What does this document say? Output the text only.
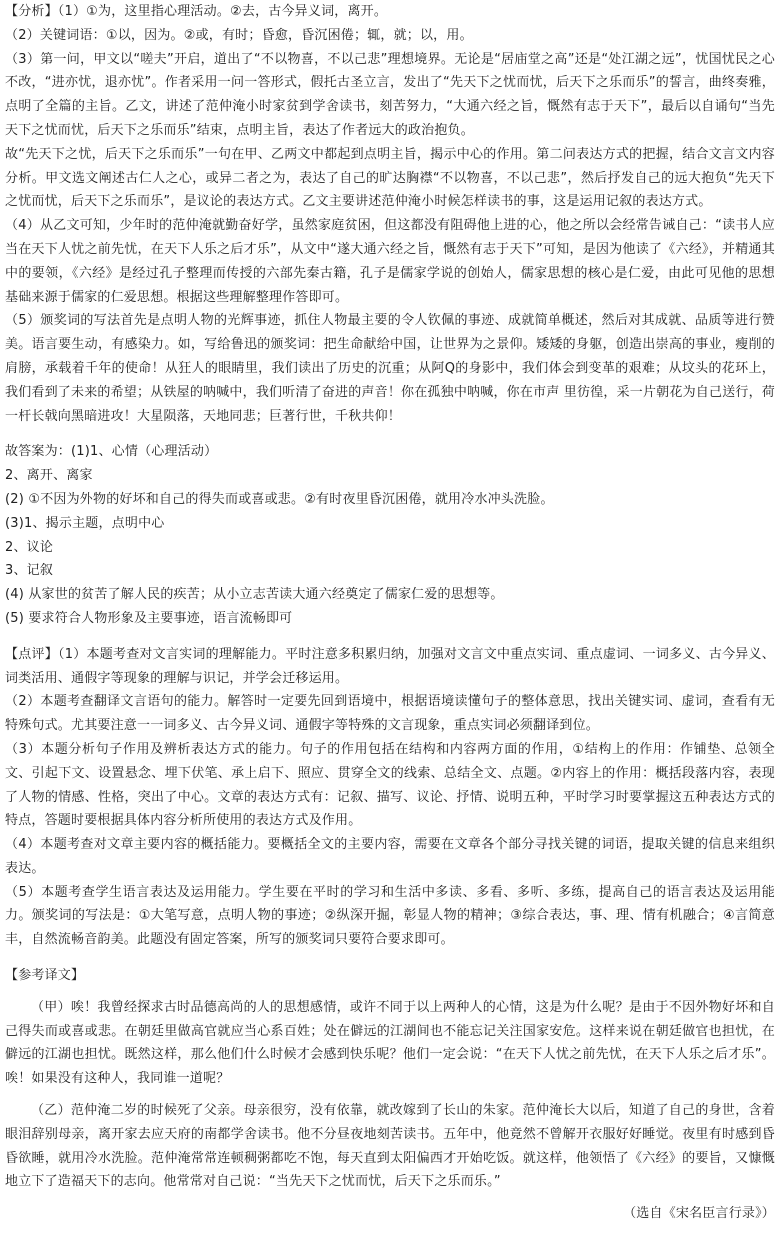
【分析】（1）①为，这里指心理活动。②去，古今异义词，离开。

（2）关键词语：①以，因为。②或，有时；昏愈，昏沉困倦；辄，就；以，用。

（3）第一问，甲文以“嗟夫”开启，道出了“不以物喜，不以己悲”理想境界。无论是“居庙堂之高”还是“处江湖之远”，忧国忧民之心不改，“进亦忧，退亦忧”。作者采用一问一答形式，假托古圣立言，发出了“先天下之忧而忧，后天下之乐而乐”的誓言，曲终奏雅，点明了全篇的主旨。乙文，讲述了范仲淹小时家贫到学舍读书，刻苦努力，“大通六经之旨，慨然有志于天下”，最后以自诵句“当先天下之忧而忧，后天下之乐而乐”结束，点明主旨，表达了作者远大的政治抱负。

故“先天下之忧，后天下之乐而乐”一句在甲、乙两文中都起到点明主旨，揭示中心的作用。第二问表达方式的把握，结合文言文内容分析。甲文选文阐述古仁人之心，或异二者之为，表达了自己的旷达胸襟“不以物喜，不以己悲”，然后抒发自己的远大抱负“先天下之忧而忧，后天下之乐而乐”，是议论的表达方式。乙文主要讲述范仲淹小时候怎样读书的事，这是运用记叙的表达方式。

（4）从乙文可知，少年时的范仲淹就勤奋好学，虽然家庭贫困，但这都没有阻碍他上进的心，他之所以会经常告诫自己：“读书人应当在天下人忧之前先忧，在天下人乐之后才乐”，从文中“遂大通六经之旨，慨然有志于天下”可知，是因为他读了《六经》，并精通其中的要领，《六经》是经过孔子整理而传授的六部先秦古籍，孔子是儒家学说的创始人，儒家思想的核心是仁爱，由此可见他的思想基础来源于儒家的仁爱思想。根据这些理解整理作答即可。

（5）颁奖词的写法首先是点明人物的光辉事迹，抓住人物最主要的令人钦佩的事迹、成就简单概述，然后对其成就、品质等进行赞美。语言要生动，有感染力。如，写给鲁迅的颁奖词：把生命献给中国，让世界为之景仰。矮矮的身躯，创造出崇高的事业，瘦削的肩膀，承载着千年的使命！从狂人的眼睛里，我们读出了历史的沉重；从阿Q的身影中，我们体会到变革的艰难；从坟头的花环上，我们看到了未来的希望；从铁屋的呐喊中，我们听清了奋进的声音！你在孤独中呐喊，你在市声 里彷徨，采一片朝花为自己送行，荷一杆长戟向黑暗进攻！大星陨落，天地同悲；巨著行世，千秋共仰！

故答案为：(1)1、心情（心理活动）

2、离开、离家

(2) ①不因为外物的好坏和自己的得失而或喜或悲。②有时夜里昏沉困倦，就用冷水冲头洗脸。

(3)1、揭示主题，点明中心

2、议论

3、记叙

(4) 从家世的贫苦了解人民的疾苦；从小立志苦读大通六经奠定了儒家仁爱的思想等。

(5) 要求符合人物形象及主要事迹，语言流畅即可

【点评】（1）本题考查对文言实词的理解能力。平时注意多积累归纳，加强对文言文中重点实词、重点虚词、一词多义、古今异义、词类活用、通假字等现象的理解与识记，并学会迁移运用。

（2）本题考查翻译文言语句的能力。解答时一定要先回到语境中，根据语境读懂句子的整体意思，找出关键实词、虚词，查看有无特殊句式。尤其要注意一一词多义、古今异义词、通假字等特殊的文言现象，重点实词必须翻译到位。

（3）本题分析句子作用及辨析表达方式的能力。句子的作用包括在结构和内容两方面的作用，①结构上的作用：作铺垫、总领全文、引起下文、设置悬念、埋下伏笔、承上启下、照应、贯穿全文的线索、总结全文、点题。②内容上的作用：概括段落内容，表现了人物的情感、性格，突出了中心。文章的表达方式有：记叙、描写、议论、抒情、说明五种，平时学习时要掌握这五种表达方式的特点，答题时要根据具体内容分析所使用的表达方式及作用。

（4）本题考查对文章主要内容的概括能力。要概括全文的主要内容，需要在文章各个部分寻找关键的词语，提取关键的信息来组织表达。

（5）本题考查学生语言表达及运用能力。学生要在平时的学习和生活中多读、多看、多听、多练，提高自己的语言表达及运用能力。颁奖词的写法是：①大笔写意，点明人物的事迹；②纵深开掘，彰显人物的精神；③综合表达，事、理、情有机融合；④言简意丰，自然流畅音韵美。此题没有固定答案，所写的颁奖词只要符合要求即可。

【参考译文】

（甲）唉！我曾经探求古时品德高尚的人的思想感情，或许不同于以上两种人的心情，这是为什么呢？是由于不因外物好坏和自己得失而或喜或悲。在朝廷里做高官就应当心系百姓；处在僻远的江湖间也不能忘记关注国家安危。这样来说在朝廷做官也担忧，在僻远的江湖也担忧。既然这样，那么他们什么时候才会感到快乐呢？他们一定会说：“在天下人忧之前先忧，在天下人乐之后才乐”。唉！如果没有这种人，我同谁一道呢？

（乙）范仲淹二岁的时候死了父亲。母亲很穷，没有依靠，就改嫁到了长山的朱家。范仲淹长大以后，知道了自己的身世，含着眼泪辞别母亲，离开家去应天府的南都学舍读书。他不分昼夜地刻苦读书。五年中，他竟然不曾解开衣服好好睡觉。夜里有时感到昏昏欲睡，就用冷水洗脸。范仲淹常常连顿稠粥都吃不饱，每天直到太阳偏西才开始吃饭。就这样，他领悟了《六经》的要旨，又慷慨地立下了造福天下的志向。他常常对自己说：“当先天下之忧而忧，后天下之乐而乐。”

（选自《宋名臣言行录》）
